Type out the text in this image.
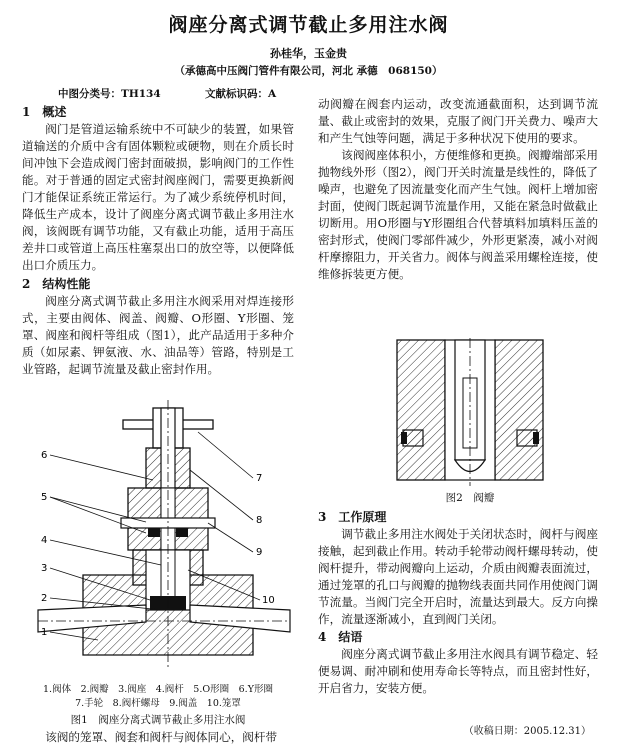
阀座分离式调节截止多用注水阀
孙桂华，玉金贵
（承德高中压阀门管件有限公司，河北 承德　068150）
中图分类号：TH134	文献标识码：A
1　概述

阀门是管道运输系统中不可缺少的装置，如果管道输送的介质中含有固体颗粒或硬物，则在介质长时间冲蚀下会造成阀门密封面破损，影响阀门的工作性能。对于普通的固定式密封阀座阀门，需要更换新阀门才能保证系统正常运行。为了减少系统停机时间，降低生产成本，设计了阀座分离式调节截止多用注水阀，该阀既有调节功能，又有截止功能，适用于高压差井口或管道上高压柱塞泵出口的放空等，以便降低出口介质压力。

2　结构性能

阀座分离式调节截止多用注水阀采用对焊连接形式，主要由阀体、阀盖、阀瓣、O形圈、Y形圈、笼罩、阀座和阀杆等组成（图1），此产品适用于多种介质（如尿素、钾氨液、水、油品等）管路，特别是工业管路，起调节流量及截止密封作用。

6
5
4
3
2
1
7
8
9
10
1.阀体　2.阀瓣　3.阀座　4.阀杆　5.O形圈　6.Y形圈
7.手轮　8.阀杆螺母　9.阀盖　10.笼罩
图1　阀座分离式调节截止多用注水阀

该阀的笼罩、阀套和阀杆与阀体同心，阀杆带

动阀瓣在阀套内运动，改变流通截面积，达到调节流量、截止或密封的效果，克服了阀门开关费力、噪声大和产生气蚀等问题，满足于多种状况下使用的要求。

该阀阀座体积小，方便维修和更换。阀瓣端部采用抛物线外形（图2），阀门开关时流量是线性的，降低了噪声，也避免了因流量变化而产生气蚀。阀杆上增加密封面，使阀门既起调节流量作用，又能在紧急时做截止切断用。用O形圈与Y形圈组合代替填料加填料压盖的密封形式，使阀门零部件减少，外形更紧凑，减小对阀杆摩擦阻力，开关省力。阀体与阀盖采用螺栓连接，使维修拆装更方便。

图2　阀瓣
3　工作原理

调节截止多用注水阀处于关闭状态时，阀杆与阀座接触，起到截止作用。转动手轮带动阀杆螺母转动，使阀杆提升，带动阀瓣向上运动，介质由阀瓣表面流过，通过笼罩的孔口与阀瓣的抛物线表面共同作用使阀门调节流量。当阀门完全开启时，流量达到最大。反方向操作，流量逐渐减小，直到阀门关闭。

4　结语

阀座分离式调节截止多用注水阀具有调节稳定、轻便易调、耐冲刷和使用寿命长等特点，而且密封性好，开启省力，安装方便。

（收稿日期：2005.12.31）
